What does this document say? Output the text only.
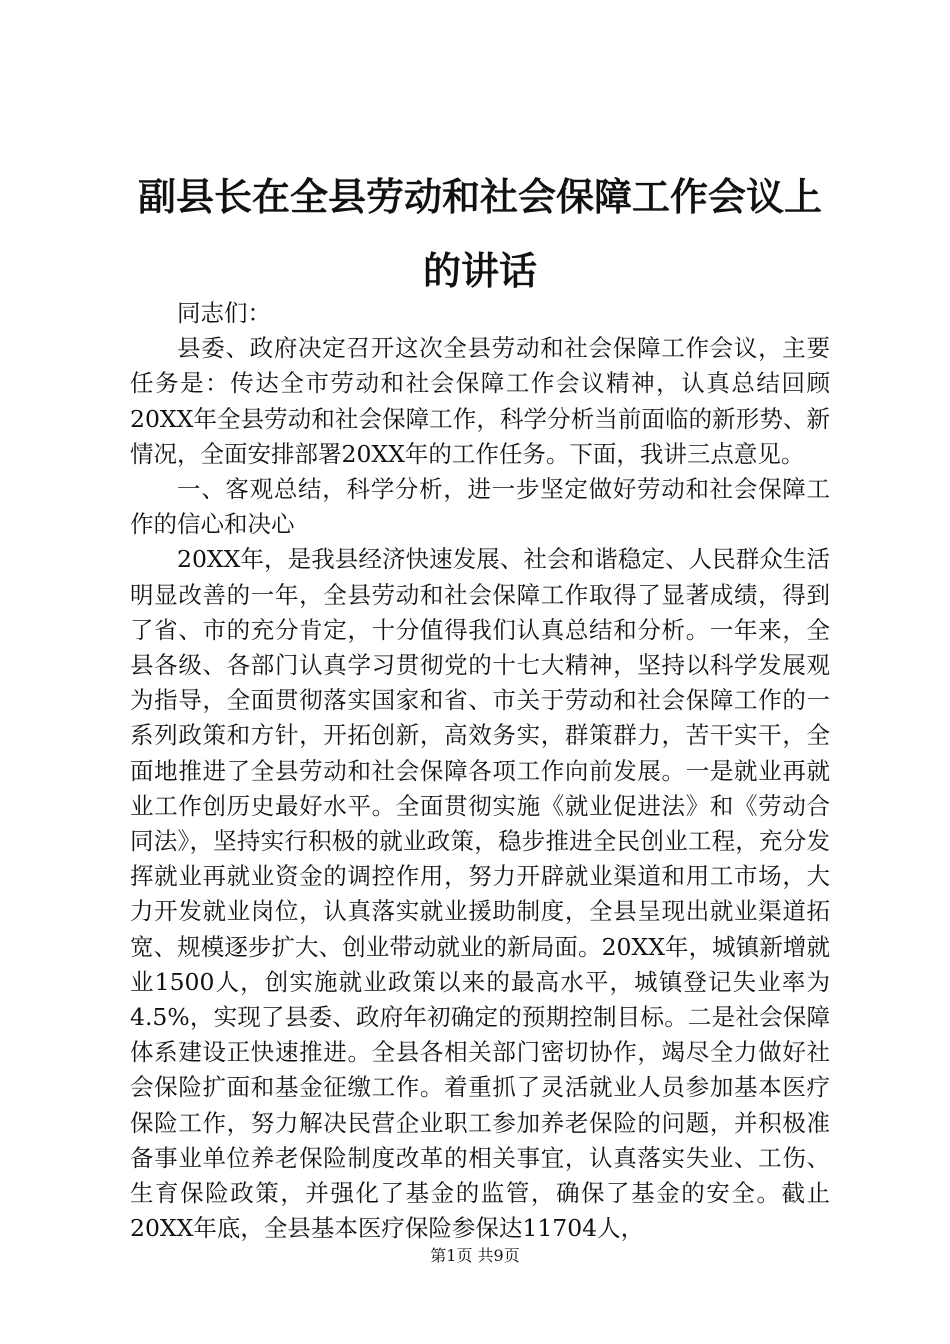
副县长在全县劳动和社会保障工作会议上的讲话

同志们：

县委、政府决定召开这次全县劳动和社会保障工作会议，主要任务是：传达全市劳动和社会保障工作会议精神，认真总结回顾20XX年全县劳动和社会保障工作，科学分析当前面临的新形势、新情况，全面安排部署20XX年的工作任务。下面，我讲三点意见。

一、客观总结，科学分析，进一步坚定做好劳动和社会保障工作的信心和决心

20XX年，是我县经济快速发展、社会和谐稳定、人民群众生活明显改善的一年，全县劳动和社会保障工作取得了显著成绩，得到了省、市的充分肯定，十分值得我们认真总结和分析。一年来，全县各级、各部门认真学习贯彻党的十七大精神，坚持以科学发展观为指导，全面贯彻落实国家和省、市关于劳动和社会保障工作的一系列政策和方针，开拓创新，高效务实，群策群力，苦干实干，全面地推进了全县劳动和社会保障各项工作向前发展。一是就业再就业工作创历史最好水平。全面贯彻实施《就业促进法》和《劳动合同法》，坚持实行积极的就业政策，稳步推进全民创业工程，充分发挥就业再就业资金的调控作用，努力开辟就业渠道和用工市场，大力开发就业岗位，认真落实就业援助制度，全县呈现出就业渠道拓宽、规模逐步扩大、创业带动就业的新局面。20XX年，城镇新增就业1500人，创实施就业政策以来的最高水平，城镇登记失业率为4.5%，实现了县委、政府年初确定的预期控制目标。二是社会保障体系建设正快速推进。全县各相关部门密切协作，竭尽全力做好社会保险扩面和基金征缴工作。着重抓了灵活就业人员参加基本医疗保险工作，努力解决民营企业职工参加养老保险的问题，并积极准备事业单位养老保险制度改革的相关事宜，认真落实失业、工伤、生育保险政策，并强化了基金的监管，确保了基金的安全。截止20XX年底，全县基本医疗保险参保达11704人，

第1页 共9页
